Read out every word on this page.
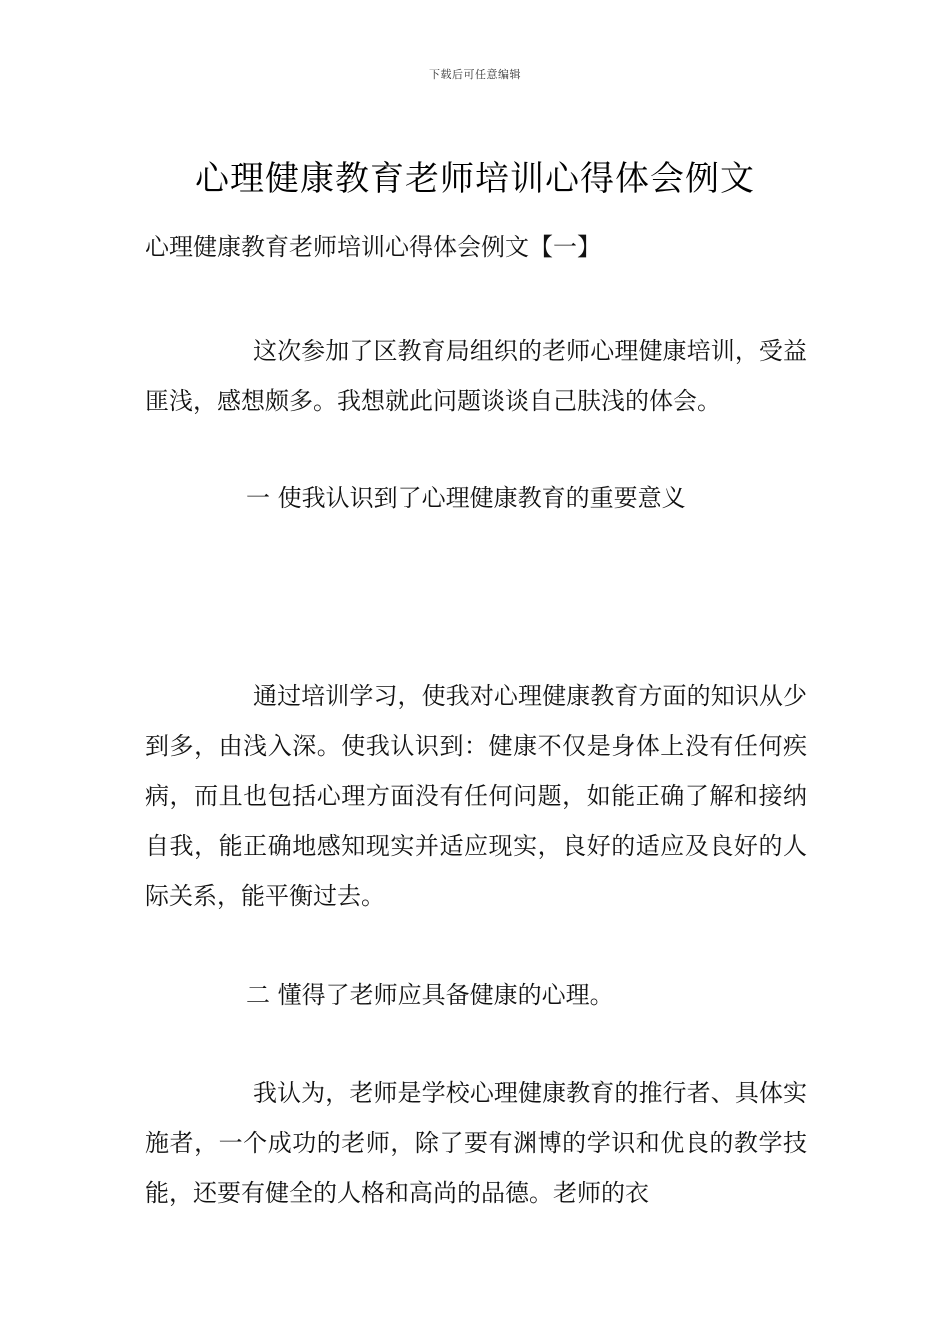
下载后可任意编辑
心理健康教育老师培训心得体会例文

心理健康教育老师培训心得体会例文【一】

这次参加了区教育局组织的老师心理健康培训，受益匪浅，感想颇多。我想就此问题谈谈自己肤浅的体会。

一 使我认识到了心理健康教育的重要意义

通过培训学习，使我对心理健康教育方面的知识从少到多，由浅入深。使我认识到：健康不仅是身体上没有任何疾病，而且也包括心理方面没有任何问题，如能正确了解和接纳自我，能正确地感知现实并适应现实，良好的适应及良好的人际关系，能平衡过去。

二 懂得了老师应具备健康的心理。

我认为，老师是学校心理健康教育的推行者、具体实施者，一个成功的老师，除了要有渊博的学识和优良的教学技能，还要有健全的人格和高尚的品德。老师的衣
